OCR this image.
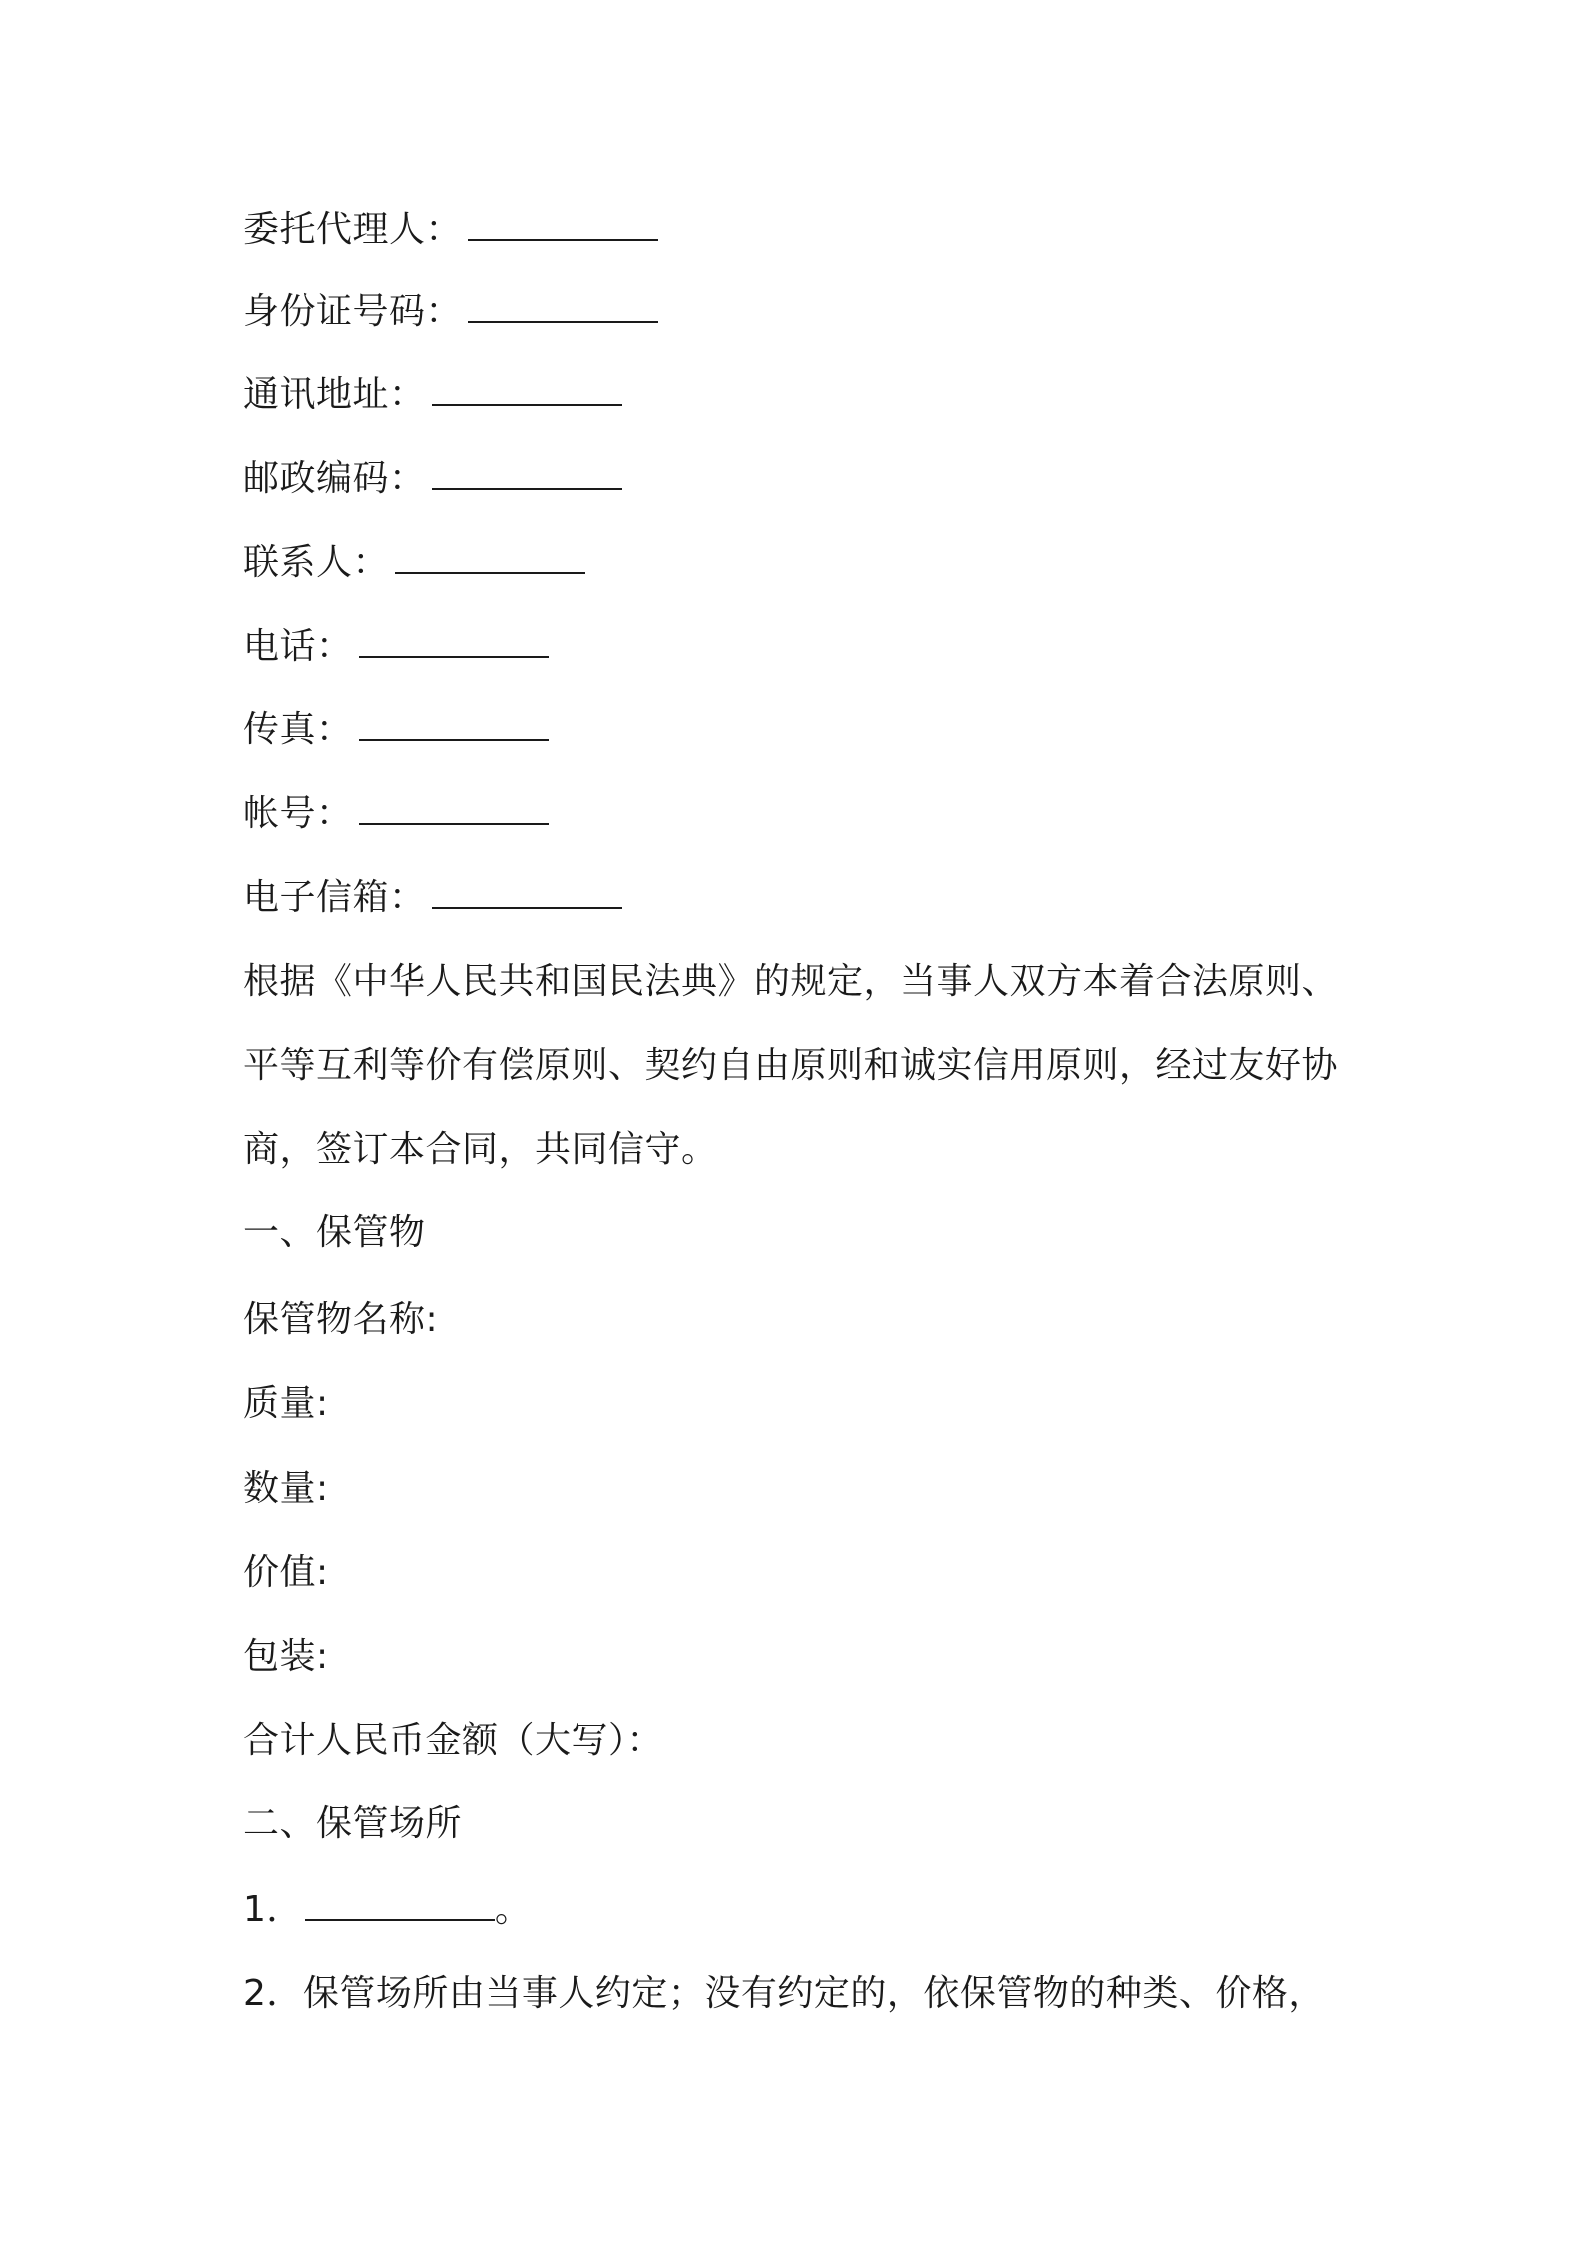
委托代理人：
身份证号码：
通讯地址：
邮政编码：
联系人：
电话：
传真：
帐号：
电子信箱：
根据《中华人民共和国民法典》的规定，当事人双方本着合法原则、
平等互利等价有偿原则、契约自由原则和诚实信用原则，经过友好协
商，签订本合同，共同信守。
一、保管物
保管物名称:
质量:
数量:
价值:
包装:
合计人民币金额（大写）：
二、保管场所
1．	。
2．保管场所由当事人约定；没有约定的，依保管物的种类、价格，
